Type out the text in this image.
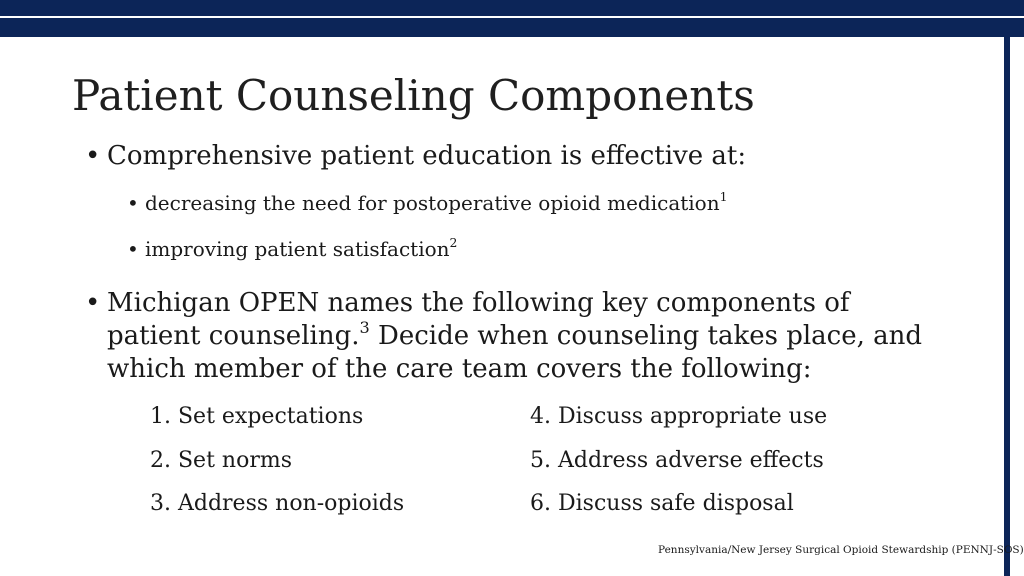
Patient Counseling Components
• Comprehensive patient education is effective at:
• decreasing the need for postoperative opioid medication$^1$
• improving patient satisfaction$^2$
• Michigan OPEN names the following key components of patient counseling.$^3$ Decide when counseling takes place, and which member of the care team covers the following:
1. Set expectations
2. Set norms
3. Address non-opioids
4. Discuss appropriate use
5. Address adverse effects
6. Discuss safe disposal
Pennsylvania/New Jersey Surgical Opioid Stewardship (PENNJ-SOS)
